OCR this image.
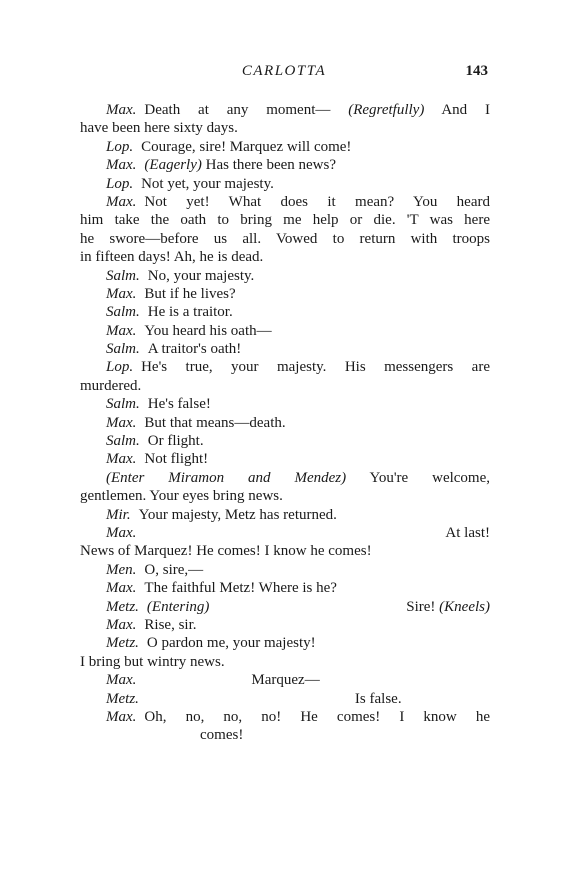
CARLOTTA	143
Max. Death at any moment— (Regretfully) And I
have been here sixty days.
Lop. Courage, sire! Marquez will come!
Max. (Eagerly) Has there been news?
Lop. Not yet, your majesty.
Max. Not yet! What does it mean? You heard
him take the oath to bring me help or die. 'T was here
he swore—before us all. Vowed to return with troops
in fifteen days! Ah, he is dead.
Salm. No, your majesty.
Max. But if he lives?
Salm. He is a traitor.
Max. You heard his oath—
Salm. A traitor's oath!
Lop. He's true, your majesty. His messengers are
murdered.
Salm. He's false!
Max. But that means—death.
Salm. Or flight.
Max. Not flight!
(Enter Miramon and Mendez) You're welcome,
gentlemen. Your eyes bring news.
Mir. Your majesty, Metz has returned.
Max.	At last!
News of Marquez! He comes! I know he comes!
Men. O, sire,—
Max. The faithful Metz! Where is he?
Metz. (Entering)	Sire! (Kneels)
Max. Rise, sir.
Metz. O pardon me, your majesty!
I bring but wintry news.
Max.	Marquez—
Metz.	Is false.
Max. Oh, no, no, no! He comes! I know he
comes!
